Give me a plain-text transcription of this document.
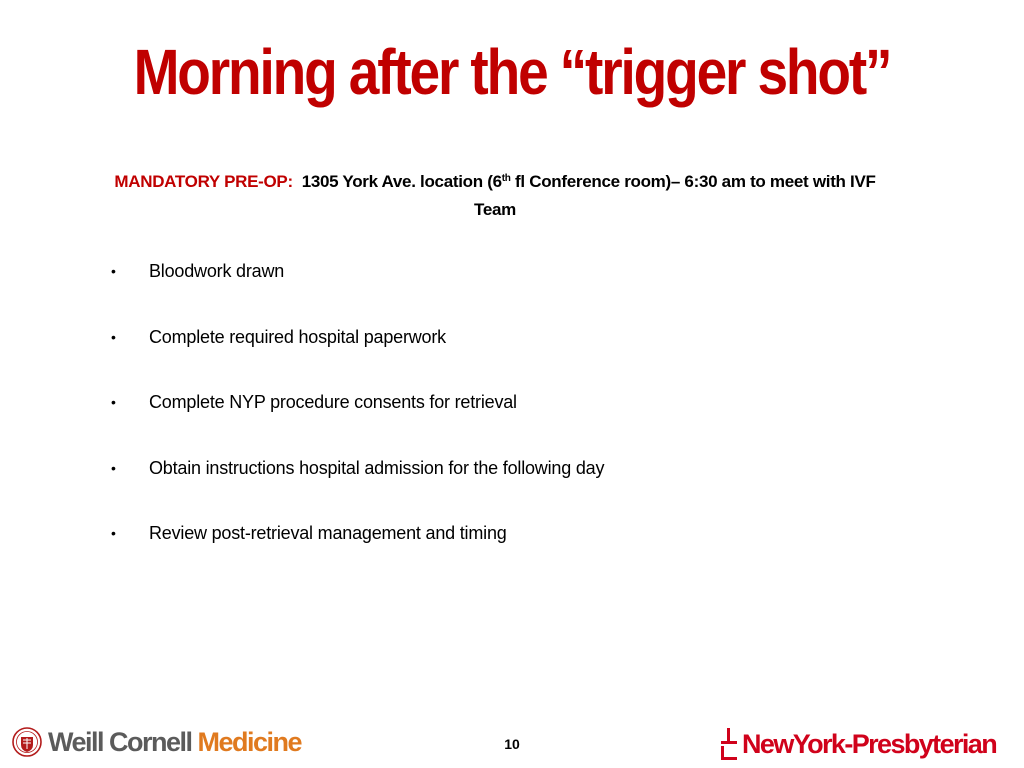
Morning after the “trigger shot”
MANDATORY PRE-OP: 1305 York Ave. location (6th fl Conference room)– 6:30 am to meet with IVF Team
• Bloodwork drawn
• Complete required hospital paperwork
• Complete NYP procedure consents for retrieval
• Obtain instructions hospital admission for the following day
• Review post-retrieval management and timing
Weill Cornell Medicine	10	NewYork-Presbyterian
